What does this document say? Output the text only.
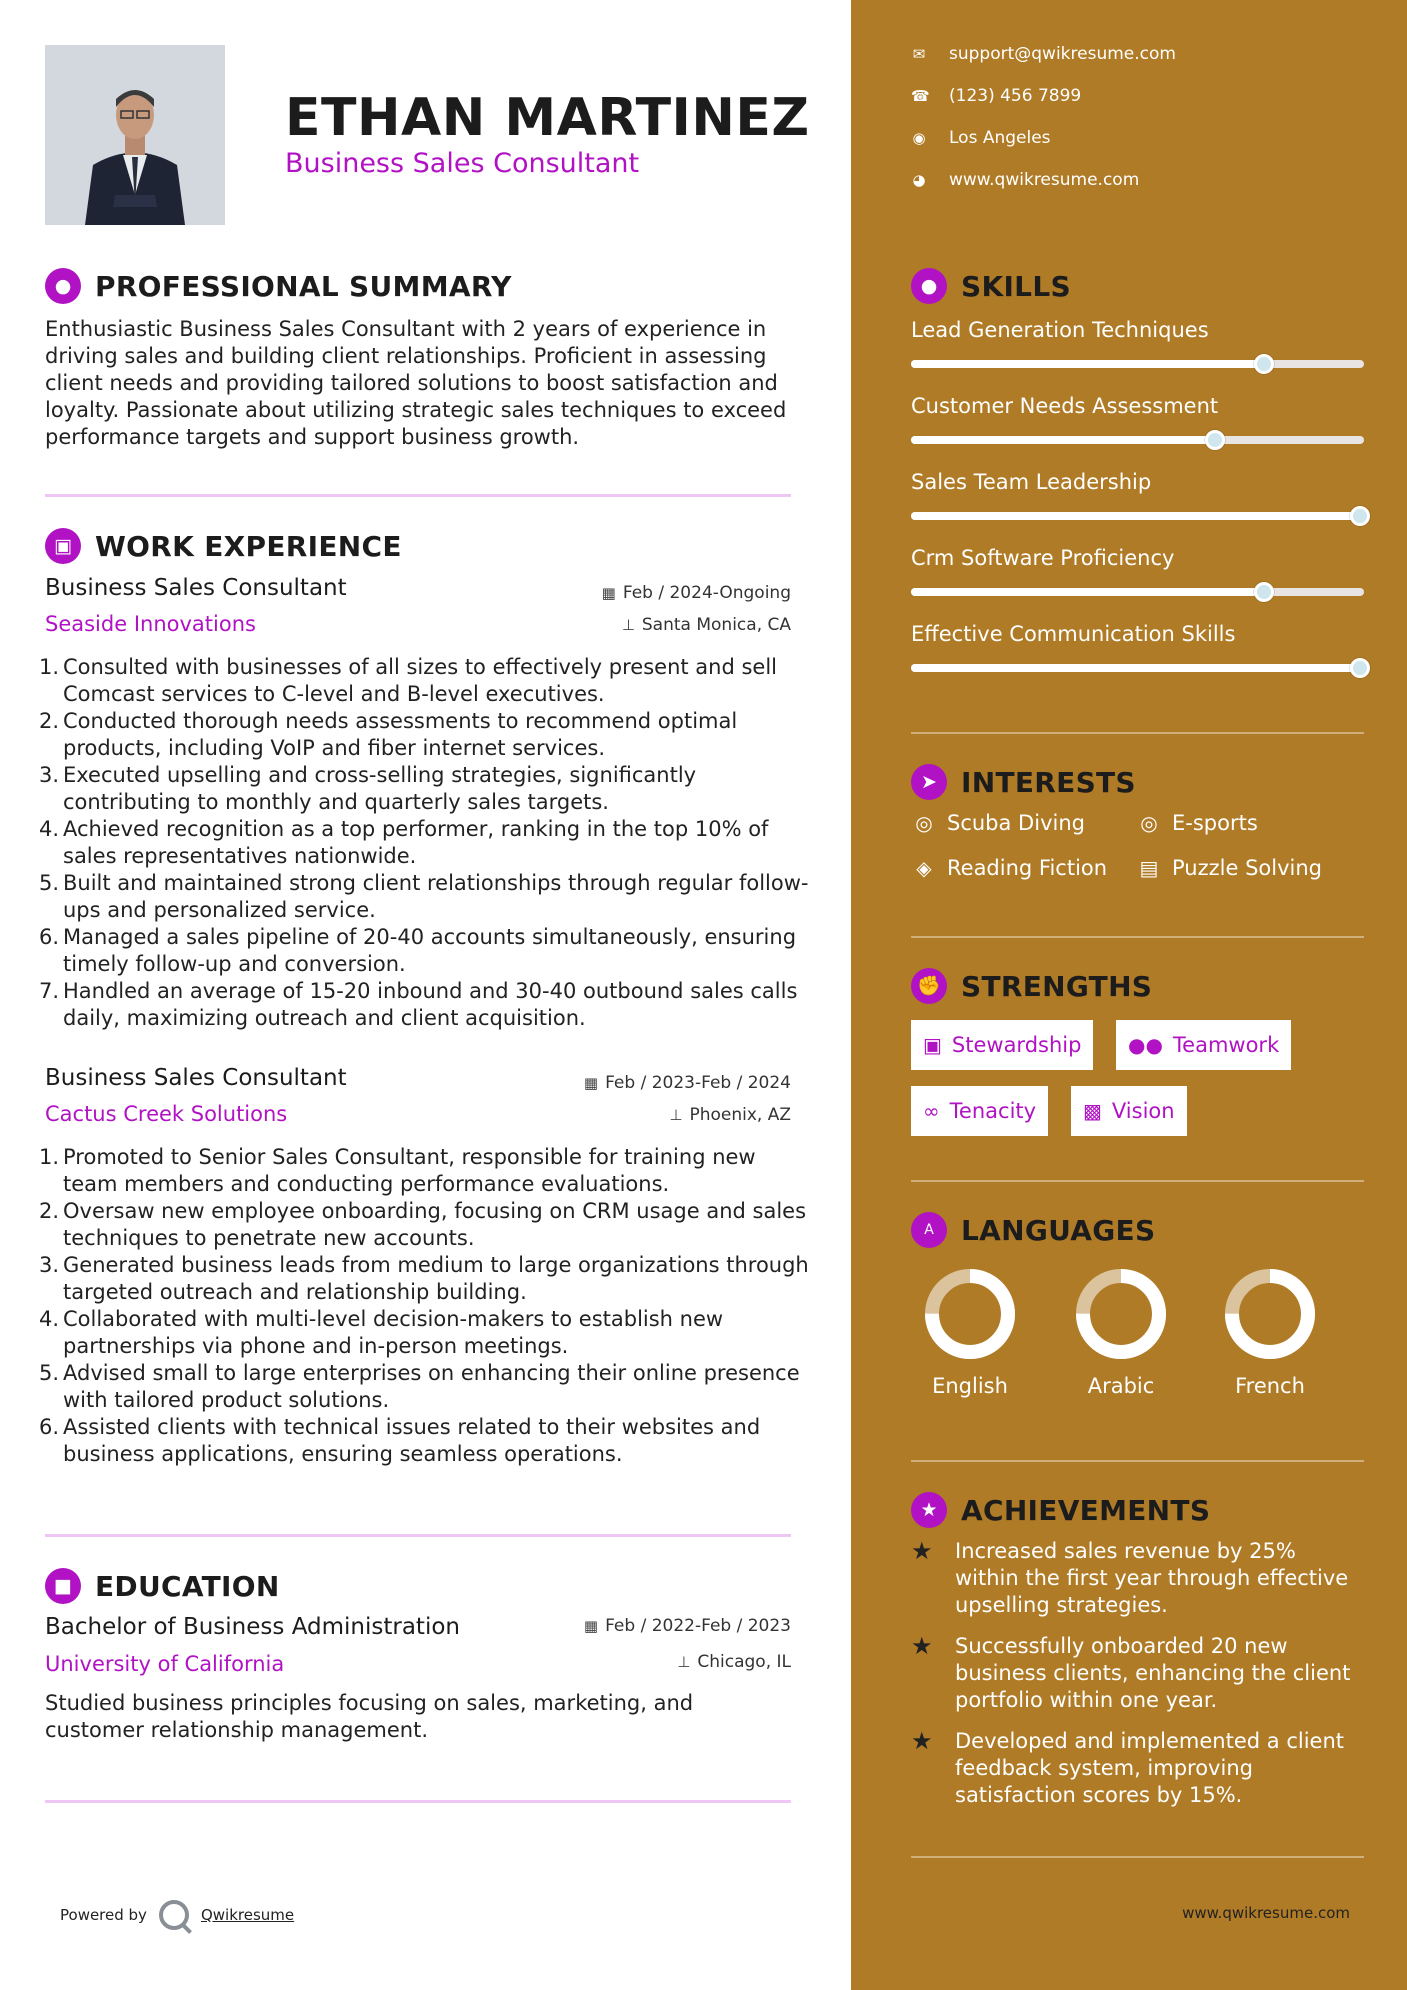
ETHAN MARTINEZ
Business Sales Consultant
● PROFESSIONAL SUMMARY
Enthusiastic Business Sales Consultant with 2 years of experience in driving sales and building client relationships. Proficient in assessing client needs and providing tailored solutions to boost satisfaction and loyalty. Passionate about utilizing strategic sales techniques to exceed performance targets and support business growth.
▣ WORK EXPERIENCE
Business Sales Consultant	▦ Feb / 2024-Ongoing
Seaside Innovations	⊥ Santa Monica, CA
1. Consulted with businesses of all sizes to effectively present and sell Comcast services to C-level and B-level executives.
2. Conducted thorough needs assessments to recommend optimal products, including VoIP and fiber internet services.
3. Executed upselling and cross-selling strategies, significantly contributing to monthly and quarterly sales targets.
4. Achieved recognition as a top performer, ranking in the top 10% of sales representatives nationwide.
5. Built and maintained strong client relationships through regular follow-ups and personalized service.
6. Managed a sales pipeline of 20-40 accounts simultaneously, ensuring timely follow-up and conversion.
7. Handled an average of 15-20 inbound and 30-40 outbound sales calls daily, maximizing outreach and client acquisition.
Business Sales Consultant	▦ Feb / 2023-Feb / 2024
Cactus Creek Solutions	⊥ Phoenix, AZ
1. Promoted to Senior Sales Consultant, responsible for training new team members and conducting performance evaluations.
2. Oversaw new employee onboarding, focusing on CRM usage and sales techniques to penetrate new accounts.
3. Generated business leads from medium to large organizations through targeted outreach and relationship building.
4. Collaborated with multi-level decision-makers to establish new partnerships via phone and in-person meetings.
5. Advised small to large enterprises on enhancing their online presence with tailored product solutions.
6. Assisted clients with technical issues related to their websites and business applications, ensuring seamless operations.
■ EDUCATION
Bachelor of Business Administration	▦ Feb / 2022-Feb / 2023
University of California	⊥ Chicago, IL
Studied business principles focusing on sales, marketing, and customer relationship management.
Powered by	Qwikresume
✉ support@qwikresume.com
☎ (123) 456 7899
◉ Los Angeles
◕ www.qwikresume.com
● SKILLS
Lead Generation Techniques
Customer Needs Assessment
Sales Team Leadership
Crm Software Proficiency
Effective Communication Skills
➤ INTERESTS
◎ Scuba Diving	◎ E-sports
◈ Reading Fiction ▤ Puzzle Solving
✊ STRENGTHS
▣ Stewardship ●● Teamwork
∞ Tenacity ▩ Vision
A LANGUAGES
English	Arabic	French
★ ACHIEVEMENTS
★	Increased sales revenue by 25% within the first year through effective upselling strategies.
★	Successfully onboarded 20 new business clients, enhancing the client portfolio within one year.
★	Developed and implemented a client feedback system, improving satisfaction scores by 15%.
www.qwikresume.com
